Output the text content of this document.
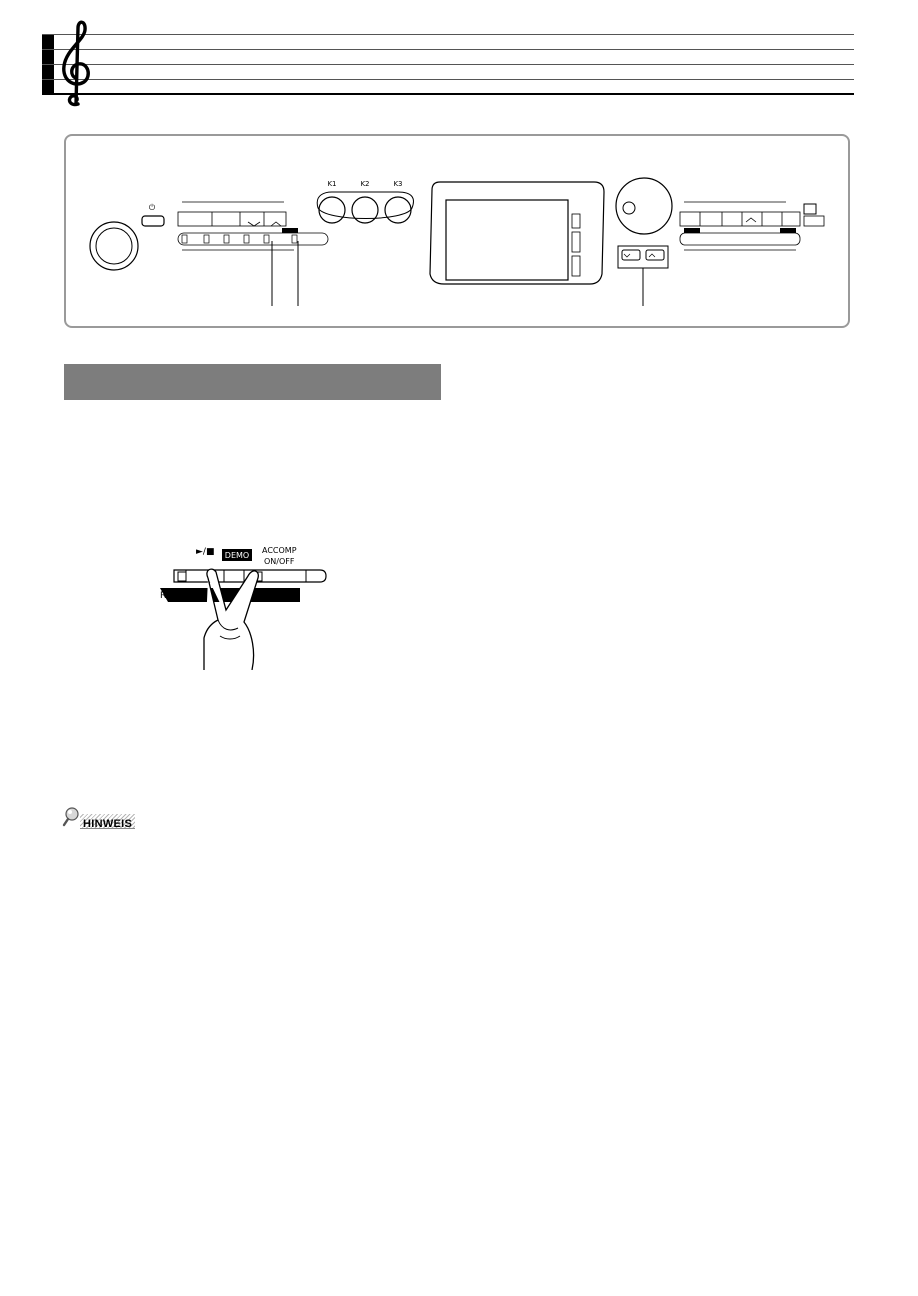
⏻
K1	K2	K3
►/■ DEMO
ACCOMP
ON/OFF
R
HINWEIS
